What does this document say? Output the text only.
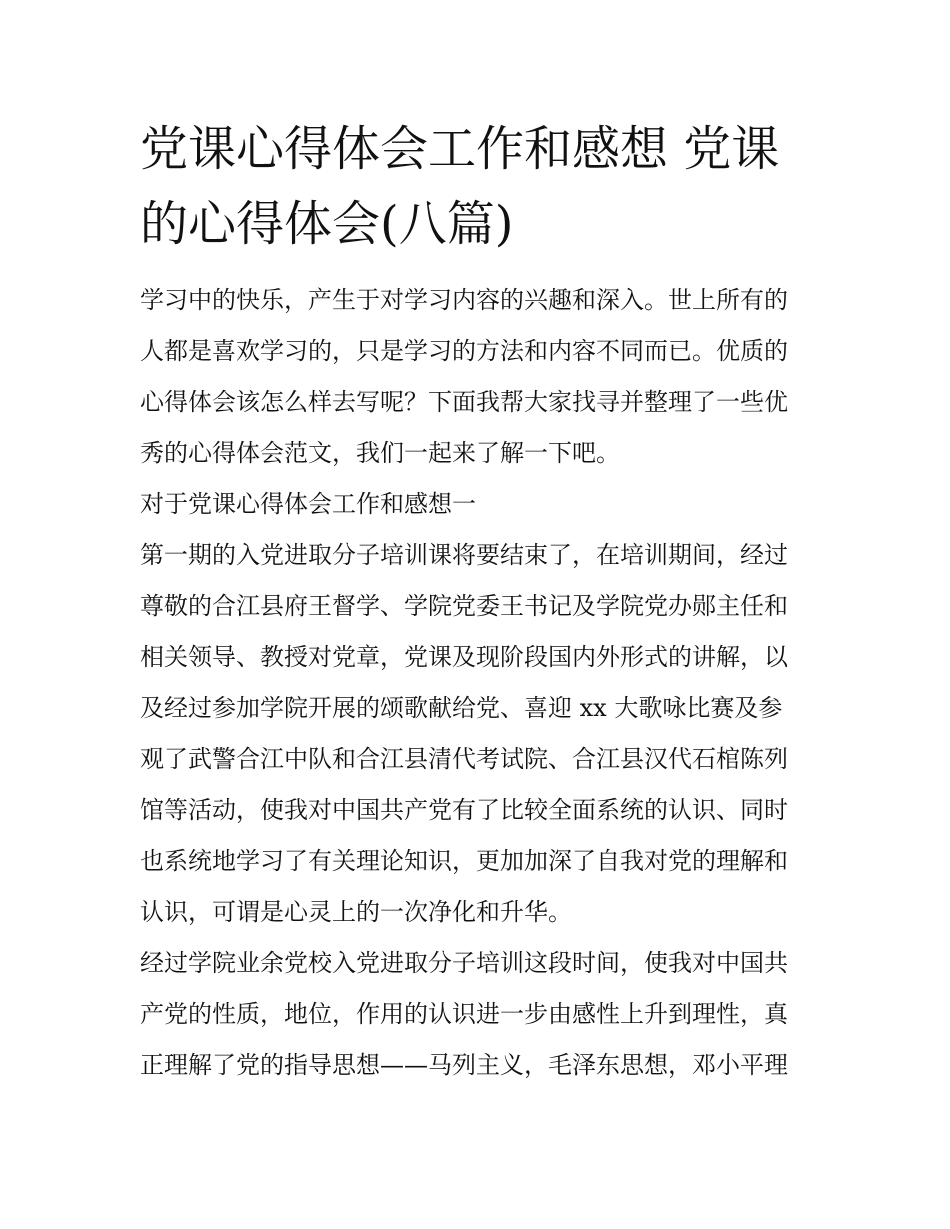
党课心得体会工作和感想 党课
的心得体会(八篇)

学习中的快乐，产生于对学习内容的兴趣和深入。世上所有的

人都是喜欢学习的，只是学习的方法和内容不同而已。优质的

心得体会该怎么样去写呢？下面我帮大家找寻并整理了一些优

秀的心得体会范文，我们一起来了解一下吧。

对于党课心得体会工作和感想一

第一期的入党进取分子培训课将要结束了，在培训期间，经过

尊敬的合江县府王督学、学院党委王书记及学院党办郧主任和

相关领导、教授对党章，党课及现阶段国内外形式的讲解，以

及经过参加学院开展的颂歌献给党、喜迎 xx 大歌咏比赛及参

观了武警合江中队和合江县清代考试院、合江县汉代石棺陈列

馆等活动，使我对中国共产党有了比较全面系统的认识、同时

也系统地学习了有关理论知识，更加加深了自我对党的理解和

认识，可谓是心灵上的一次净化和升华。

经过学院业余党校入党进取分子培训这段时间，使我对中国共

产党的性质，地位，作用的认识进一步由感性上升到理性，真

正理解了党的指导思想——马列主义，毛泽东思想，邓小平理
